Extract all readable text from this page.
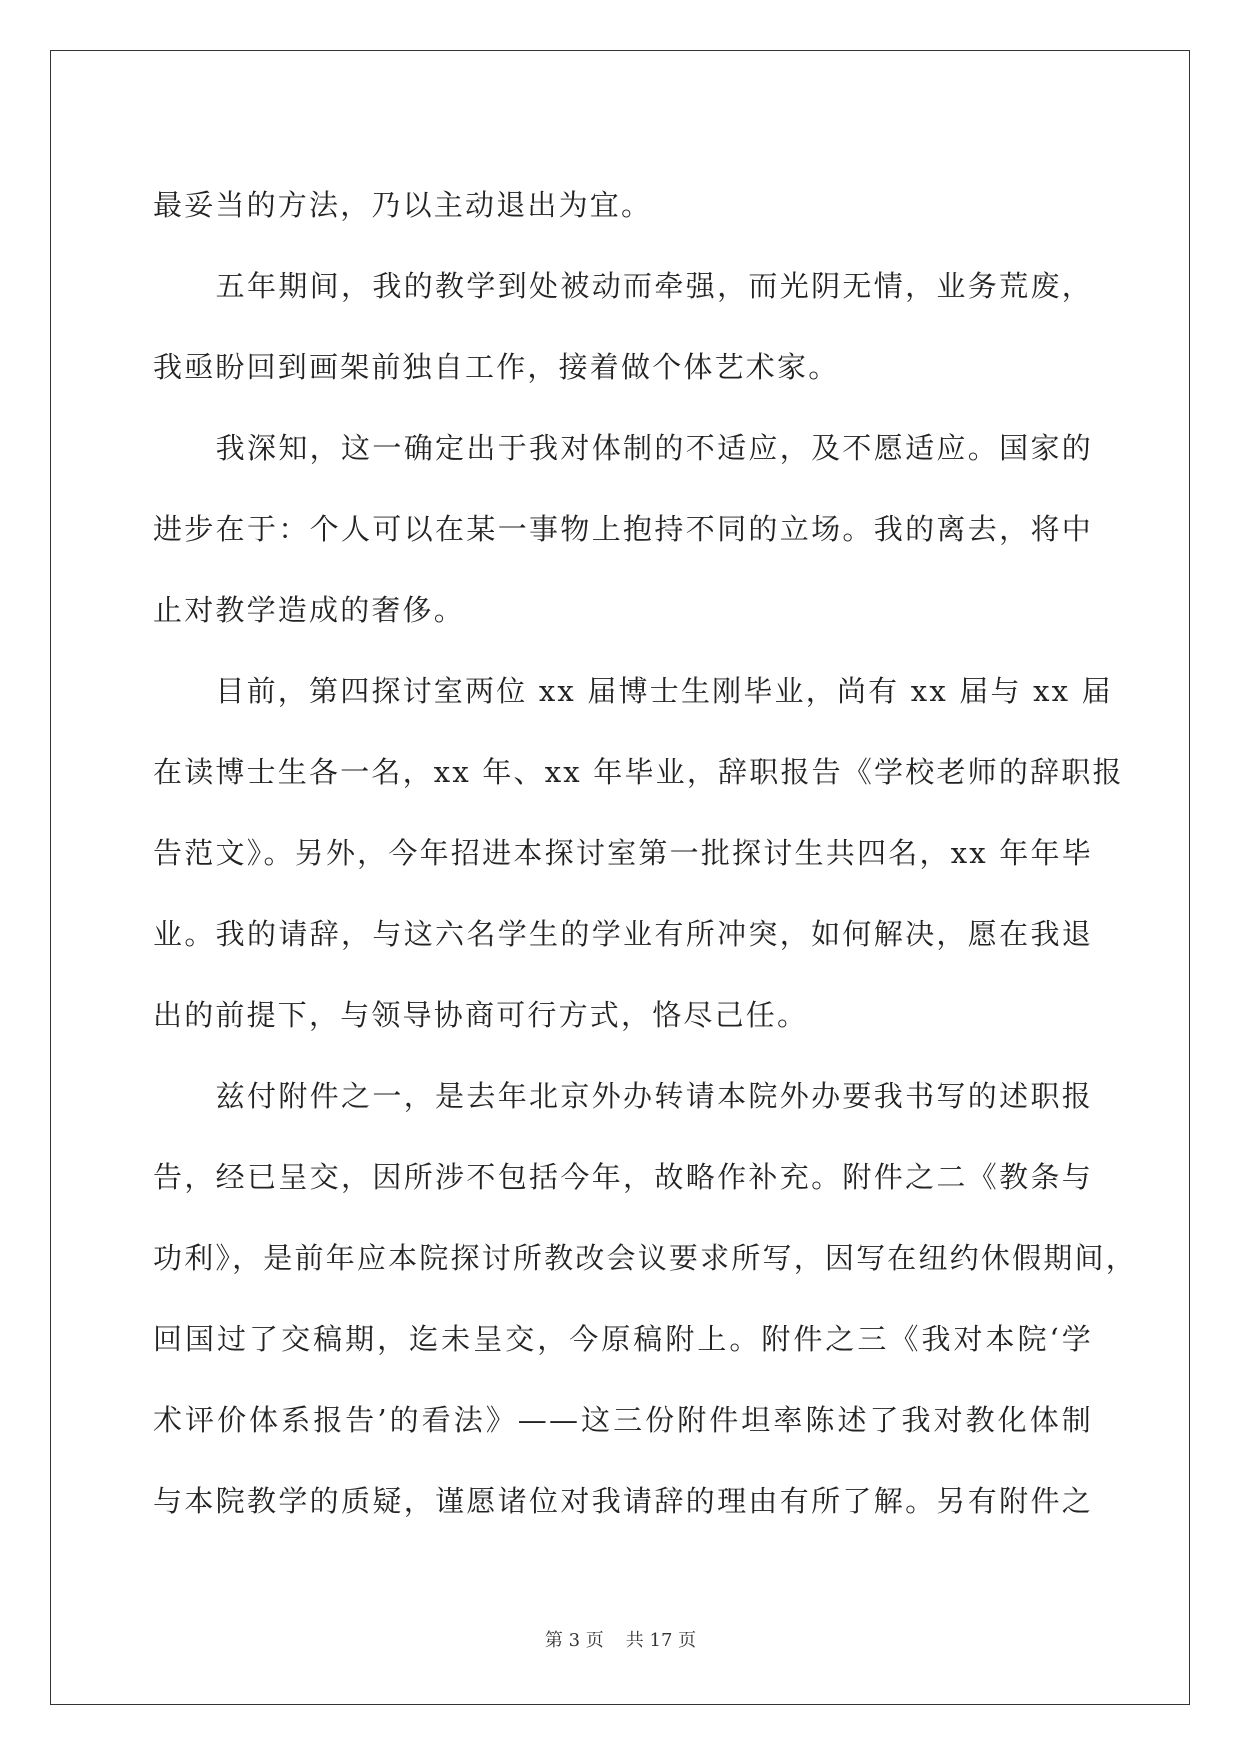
最妥当的方法，乃以主动退出为宜。
　　五年期间，我的教学到处被动而牵强，而光阴无情，业务荒废，
我亟盼回到画架前独自工作，接着做个体艺术家。
　　我深知，这一确定出于我对体制的不适应，及不愿适应。国家的
进步在于：个人可以在某一事物上抱持不同的立场。我的离去，将中
止对教学造成的奢侈。
　　目前，第四探讨室两位 xx 届博士生刚毕业，尚有 xx 届与 xx 届
在读博士生各一名，xx 年、xx 年毕业，辞职报告《学校老师的辞职报
告范文》。另外，今年招进本探讨室第一批探讨生共四名，xx 年年毕
业。我的请辞，与这六名学生的学业有所冲突，如何解决，愿在我退
出的前提下，与领导协商可行方式，恪尽己任。
　　兹付附件之一，是去年北京外办转请本院外办要我书写的述职报
告，经已呈交，因所涉不包括今年，故略作补充。附件之二《教条与
功利》，是前年应本院探讨所教改会议要求所写，因写在纽约休假期间，
回国过了交稿期，迄未呈交，今原稿附上。附件之三《我对本院‘学
术评价体系报告’的看法》——这三份附件坦率陈述了我对教化体制
与本院教学的质疑，谨愿诸位对我请辞的理由有所了解。另有附件之
第 3 页 共 17 页
